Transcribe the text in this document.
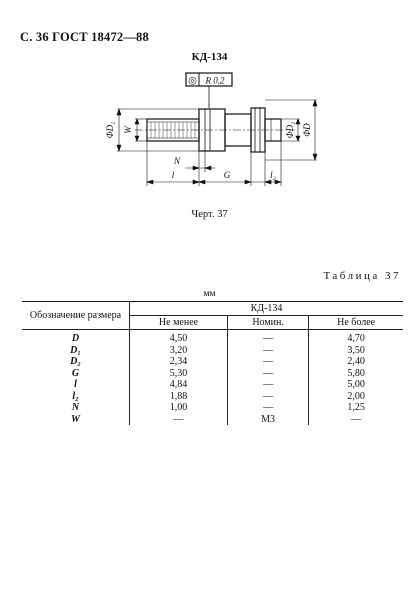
С. 36 ГОСТ 18472—88
КД-134
◎ R 0,2
ΦD₁ W	ΦD₂ ΦD
N
l	G	l₂
Черт. 37
Таблица 37
мм
Обозначение размера	КД-134		
	Не менее	Номин.	Не более
D	4,50	—	4,70
D₁	3,20	—	3,50
D₂	2,34	—	2,40
G	5,30	—	5,80
l	4,84	—	5,00
l₂	1,88	—	2,00
N	1,00	—	1,25
W	—	М3	—
